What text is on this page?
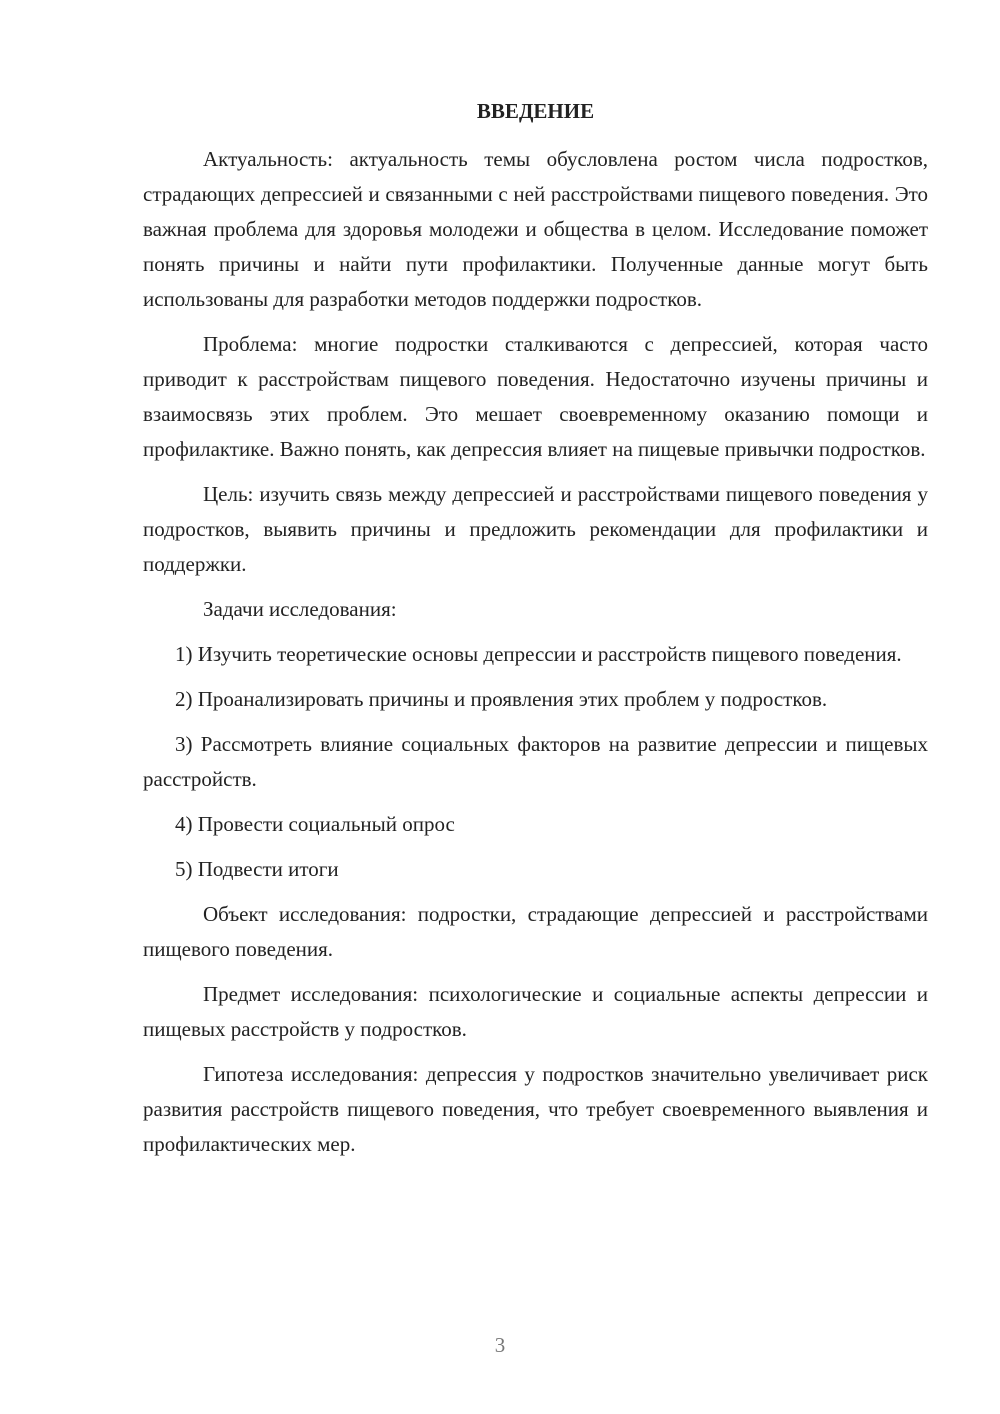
ВВЕДЕНИЕ

Актуальность: актуальность темы обусловлена ростом числа подростков, страдающих депрессией и связанными с ней расстройствами пищевого поведения. Это важная проблема для здоровья молодежи и общества в целом. Исследование поможет понять причины и найти пути профилактики. Полученные данные могут быть использованы для разработки методов поддержки подростков.

Проблема: многие подростки сталкиваются с депрессией, которая часто приводит к расстройствам пищевого поведения. Недостаточно изучены причины и взаимосвязь этих проблем. Это мешает своевременному оказанию помощи и профилактике. Важно понять, как депрессия влияет на пищевые привычки подростков.

Цель: изучить связь между депрессией и расстройствами пищевого поведения у подростков, выявить причины и предложить рекомендации для профилактики и поддержки.

Задачи исследования:

1) Изучить теоретические основы депрессии и расстройств пищевого поведения.

2) Проанализировать причины и проявления этих проблем у подростков.

3) Рассмотреть влияние социальных факторов на развитие депрессии и пищевых расстройств.

4) Провести социальный опрос

5) Подвести итоги

Объект исследования: подростки, страдающие депрессией и расстройствами пищевого поведения.

Предмет исследования: психологические и социальные аспекты депрессии и пищевых расстройств у подростков.

Гипотеза исследования: депрессия у подростков значительно увеличивает риск развития расстройств пищевого поведения, что требует своевременного выявления и профилактических мер.

3
